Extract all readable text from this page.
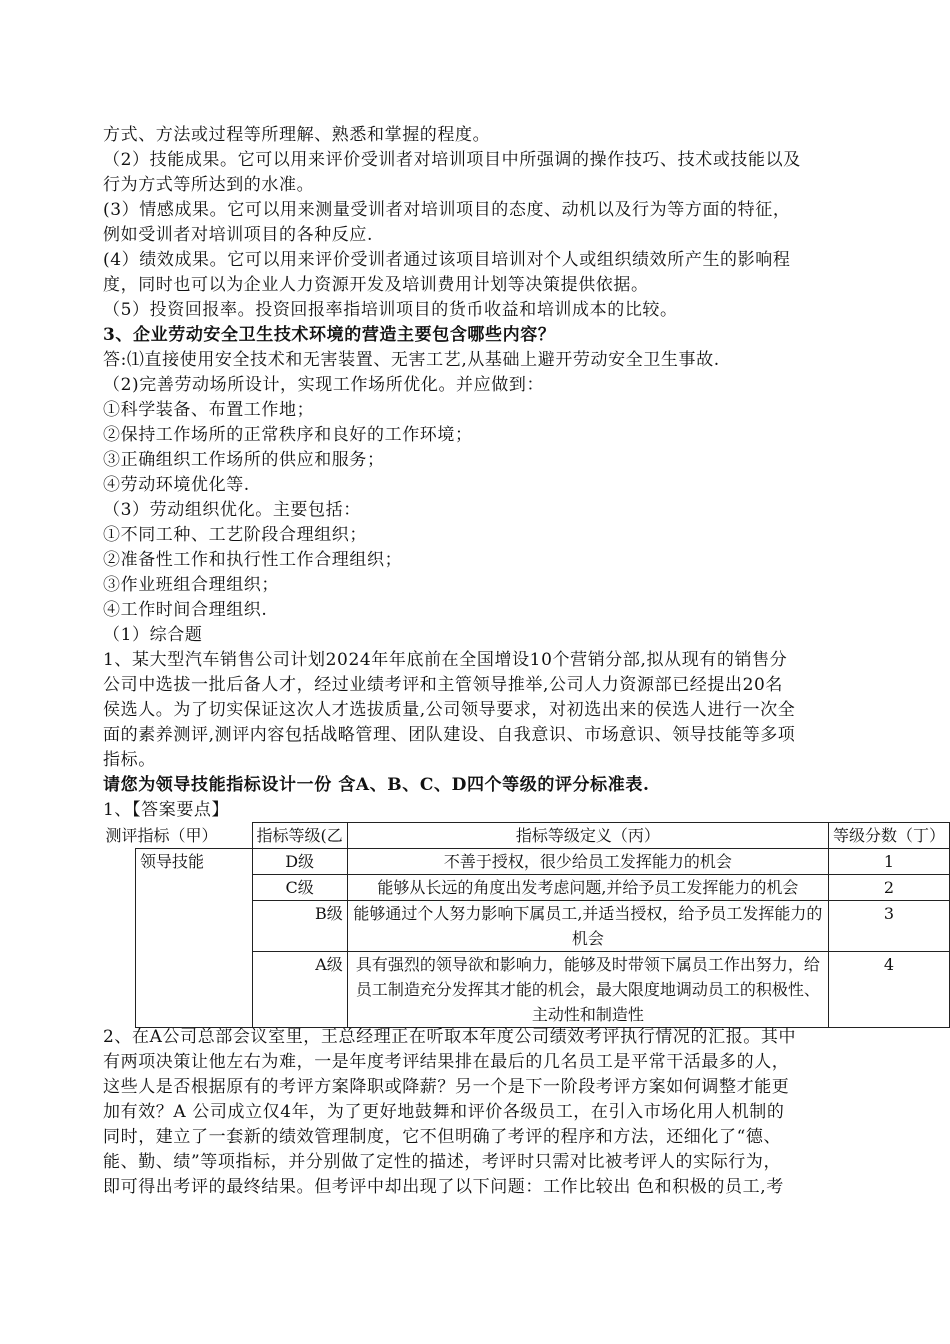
方式、方法或过程等所理解、熟悉和掌握的程度。
（2）技能成果。它可以用来评价受训者对培训项目中所强调的操作技巧、技术或技能以及
行为方式等所达到的水准。
(3）情感成果。它可以用来测量受训者对培训项目的态度、动机以及行为等方面的特征，
例如受训者对培训项目的各种反应.
(4）绩效成果。它可以用来评价受训者通过该项目培训对个人或组织绩效所产生的影响程
度，同时也可以为企业人力资源开发及培训费用计划等决策提供依据。
（5）投资回报率。投资回报率指培训项目的货币收益和培训成本的比较。
3、企业劳动安全卫生技术环境的营造主要包含哪些内容？
答:⑴直接使用安全技术和无害装置、无害工艺,从基础上避开劳动安全卫生事故.
（2)完善劳动场所设计，实现工作场所优化。并应做到：
①科学装备、布置工作地；
②保持工作场所的正常秩序和良好的工作环境；
③正确组织工作场所的供应和服务；
④劳动环境优化等.
（3）劳动组织优化。主要包括：
①不同工种、工艺阶段合理组织；
②准备性工作和执行性工作合理组织；
③作业班组合理组织；
④工作时间合理组织.
（1）综合题
1、某大型汽车销售公司计划2024年年底前在全国增设10个营销分部,拟从现有的销售分
公司中选拔一批后备人才，经过业绩考评和主管领导推举,公司人力资源部已经提出20名
侯选人。为了切实保证这次人才选拔质量,公司领导要求，对初选出来的侯选人进行一次全
面的素养测评,测评内容包括战略管理、团队建设、自我意识、市场意识、领导技能等多项
指标。
请您为领导技能指标设计一份 含A、B、C、D四个等级的评分标准表.
1、【答案要点】
测评指标（甲）	指标等级(乙	指标等级定义（丙）	等级分数（丁）
领导技能	D级	不善于授权，很少给员工发挥能力的机会	1
C级	能够从长远的角度出发考虑问题,并给予员工发挥能力的机会	2
B级	能够通过个人努力影响下属员工,并适当授权，给予员工发挥能力的机会	3
A级	具有强烈的领导欲和影响力，能够及时带领下属员工作出努力，给员工制造充分发挥其才能的机会，最大限度地调动员工的积极性、主动性和制造性	4
2、在A公司总部会议室里，王总经理正在听取本年度公司绩效考评执行情况的汇报。其中
有两项决策让他左右为难，一是年度考评结果排在最后的几名员工是平常干活最多的人，
这些人是否根据原有的考评方案降职或降薪？另一个是下一阶段考评方案如何调整才能更
加有效？A 公司成立仅4年，为了更好地鼓舞和评价各级员工，在引入市场化用人机制的
同时，建立了一套新的绩效管理制度，它不但明确了考评的程序和方法，还细化了“德、
能、勤、绩”等项指标，并分别做了定性的描述，考评时只需对比被考评人的实际行为，
即可得出考评的最终结果。但考评中却出现了以下问题：工作比较出 色和积极的员工,考
